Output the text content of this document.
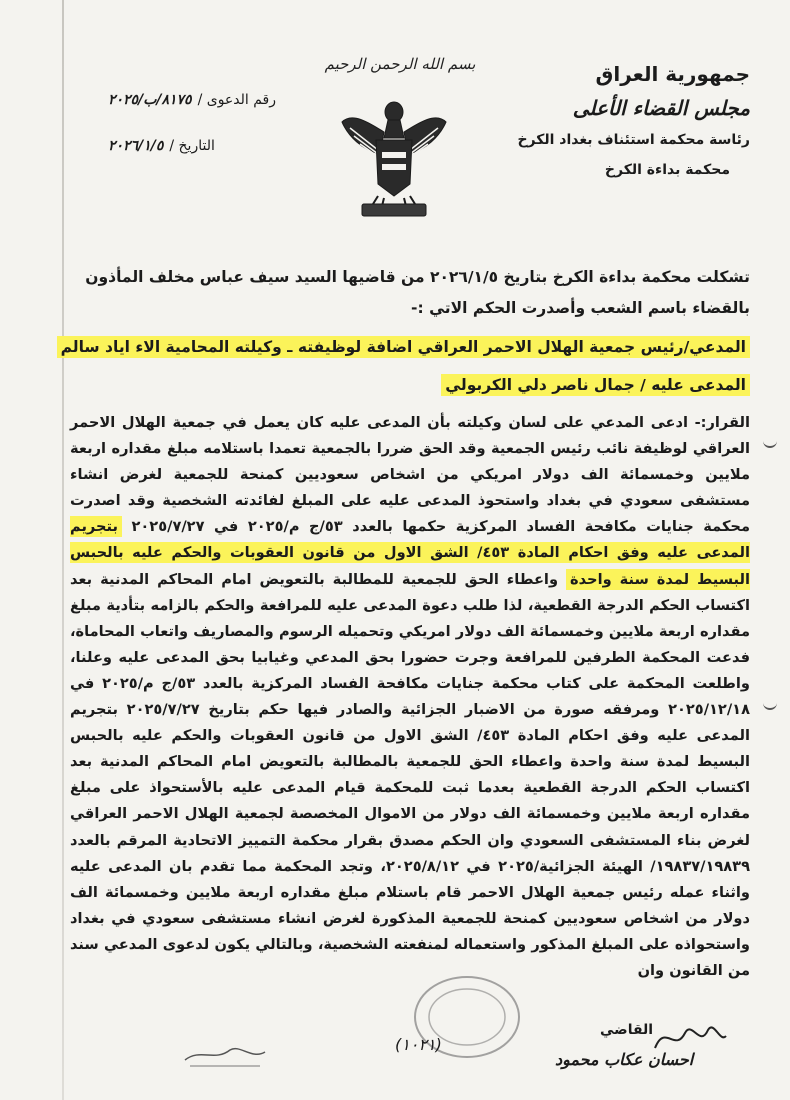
بسم الله الرحمن الرحيم	جمهورية العراق
مجلس القضاء الأعلى
رئاسة محكمة استئناف بغداد الكرخ
محكمة بداءة الكرخ
رقم الدعوى /
٨١٧٥/ب/٢٠٢٥
التاريخ /
٢٠٢٦/١/٥
تشكلت محكمة بداءة الكرخ بتاريخ ٢٠٢٦/١/٥ من قاضيها السيد سيف عباس مخلف المأذون بالقضاء باسم الشعب وأصدرت الحكم الاتي :-
المدعي/رئيس جمعية الهلال الاحمر العراقي اضافة لوظيفته ـ وكيلته المحامية الاء اياد سالم
المدعى عليه / جمال ناصر دلي الكربولي
القرار:- ادعى المدعي على لسان وكيلته بأن المدعى عليه كان يعمل في جمعية الهلال الاحمر العراقي لوظيفة نائب رئيس الجمعية وقد الحق ضررا بالجمعية تعمدا باستلامه مبلغ مقداره اربعة ملايين وخمسمائة الف دولار امريكي من اشخاص سعوديين كمنحة للجمعية لغرض انشاء مستشفى سعودي في بغداد واستحوذ المدعى عليه على المبلغ لفائدته الشخصية وقد اصدرت محكمة جنايات مكافحة الفساد المركزية حكمها بالعدد ٥٣/ج م/٢٠٢٥ في ٢٠٢٥/٧/٢٧ بتجريم المدعى عليه وفق احكام المادة ٤٥٣/ الشق الاول من قانون العقوبات والحكم عليه بالحبس البسيط لمدة سنة واحدة واعطاء الحق للجمعية للمطالبة بالتعويض امام المحاكم المدنية بعد اكتساب الحكم الدرجة القطعية، لذا طلب دعوة المدعى عليه للمرافعة والحكم بالزامه بتأدية مبلغ مقداره اربعة ملايين وخمسمائة الف دولار امريكي وتحميله الرسوم والمصاريف واتعاب المحاماة، فدعت المحكمة الطرفين للمرافعة وجرت حضورا بحق المدعي وغيابيا بحق المدعى عليه وعلنا، واطلعت المحكمة على كتاب محكمة جنايات مكافحة الفساد المركزية بالعدد ٥٣/ج م/٢٠٢٥ في ٢٠٢٥/١٢/١٨ ومرفقه صورة من الاضبار الجزائية والصادر فيها حكم بتاريخ ٢٠٢٥/٧/٢٧ بتجريم المدعى عليه وفق احكام المادة ٤٥٣/ الشق الاول من قانون العقوبات والحكم عليه بالحبس البسيط لمدة سنة واحدة واعطاء الحق للجمعية بالمطالبة بالتعويض امام المحاكم المدنية بعد اكتساب الحكم الدرجة القطعية بعدما ثبت للمحكمة قيام المدعى عليه بالأستحواذ على مبلغ مقداره اربعة ملايين وخمسمائة الف دولار من الاموال المخصصة لجمعية الهلال الاحمر العراقي لغرض بناء المستشفى السعودي وان الحكم مصدق بقرار محكمة التمييز الاتحادية المرقم بالعدد ١٩٨٣٧/١٩٨٣٩/ الهيئة الجزائية/٢٠٢٥ في ٢٠٢٥/٨/١٢، وتجد المحكمة مما تقدم بان المدعى عليه واثناء عمله رئيس جمعية الهلال الاحمر قام باستلام مبلغ مقداره اربعة ملايين وخمسمائة الف دولار من اشخاص سعوديين كمنحة للجمعية المذكورة لغرض انشاء مستشفى سعودي في بغداد واستحواذه على المبلغ المذكور واستعماله لمنفعته الشخصية، وبالتالي يكون لدعوى المدعي سند من القانون وان
القاضي
احسان عكاب محمود
(١٠٢١)
